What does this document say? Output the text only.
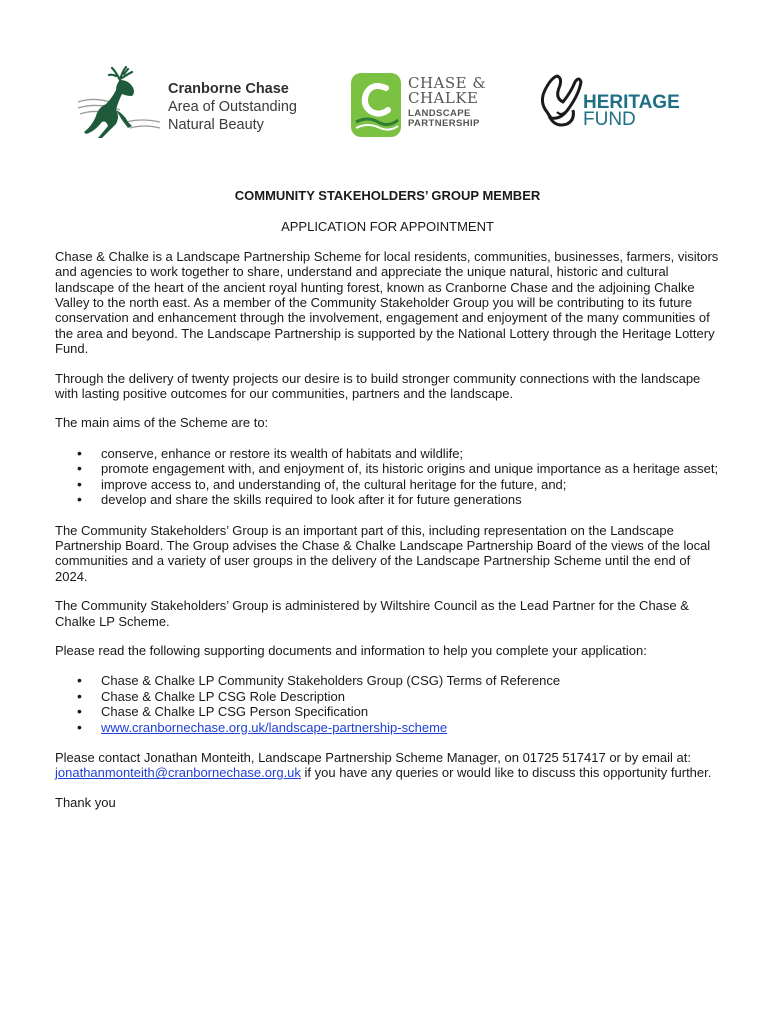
Cranborne Chase
Area of Outstanding
Natural Beauty
CHASE &
CHALKE
LANDSCAPE
PARTNERSHIP
HERITAGE
FUND

COMMUNITY STAKEHOLDERS’ GROUP MEMBER

APPLICATION FOR APPOINTMENT

Chase & Chalke is a Landscape Partnership Scheme for local residents, communities, businesses, farmers, visitors and agencies to work together to share, understand and appreciate the unique natural, historic and cultural landscape of the heart of the ancient royal hunting forest, known as Cranborne Chase and the adjoining Chalke Valley to the north east. As a member of the Community Stakeholder Group you will be contributing to its future conservation and enhancement through the involvement, engagement and enjoyment of the many communities of the area and beyond. The Landscape Partnership is supported by the National Lottery through the Heritage Lottery Fund.

Through the delivery of twenty projects our desire is to build stronger community connections with the landscape with lasting positive outcomes for our communities, partners and the landscape.

The main aims of the Scheme are to:

• conserve, enhance or restore its wealth of habitats and wildlife;
• promote engagement with, and enjoyment of, its historic origins and unique importance as a heritage asset;
• improve access to, and understanding of, the cultural heritage for the future, and;
• develop and share the skills required to look after it for future generations

The Community Stakeholders’ Group is an important part of this, including representation on the Landscape Partnership Board. The Group advises the Chase & Chalke Landscape Partnership Board of the views of the local communities and a variety of user groups in the delivery of the Landscape Partnership Scheme until the end of 2024.

The Community Stakeholders’ Group is administered by Wiltshire Council as the Lead Partner for the Chase & Chalke LP Scheme.

Please read the following supporting documents and information to help you complete your application:

• Chase & Chalke LP Community Stakeholders Group (CSG) Terms of Reference
• Chase & Chalke LP CSG Role Description
• Chase & Chalke LP CSG Person Specification
• www.cranbornechase.org.uk/landscape-partnership-scheme

Please contact Jonathan Monteith, Landscape Partnership Scheme Manager, on 01725 517417 or by email at: jonathanmonteith@cranbornechase.org.uk if you have any queries or would like to discuss this opportunity further.

Thank you
